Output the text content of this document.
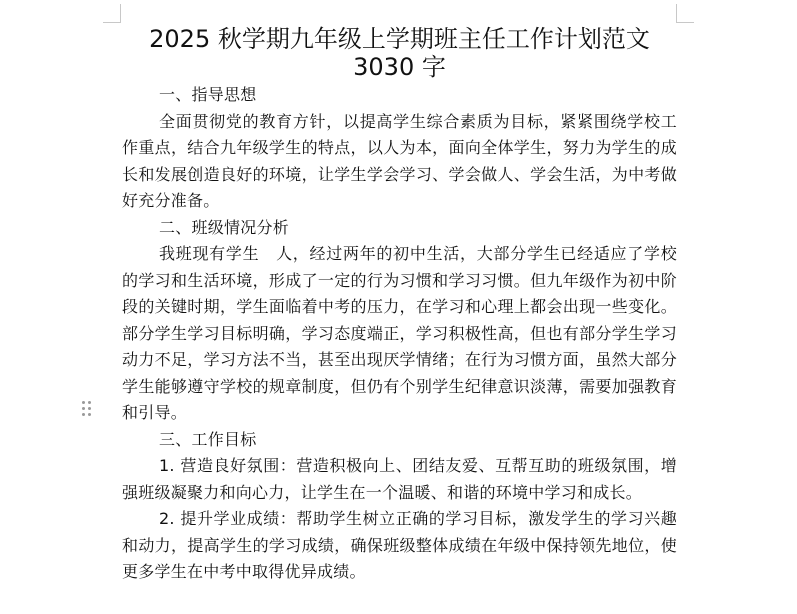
2025 秋学期九年级上学期班主任工作计划范文
3030 字

一、指导思想

全面贯彻党的教育方针，以提高学生综合素质为目标，紧紧围绕学校工作重点，结合九年级学生的特点，以人为本，面向全体学生，努力为学生的成长和发展创造良好的环境，让学生学会学习、学会做人、学会生活，为中考做好充分准备。

二、班级情况分析

我班现有学生　人，经过两年的初中生活，大部分学生已经适应了学校的学习和生活环境，形成了一定的行为习惯和学习习惯。但九年级作为初中阶段的关键时期，学生面临着中考的压力，在学习和心理上都会出现一些变化。部分学生学习目标明确，学习态度端正，学习积极性高，但也有部分学生学习动力不足，学习方法不当，甚至出现厌学情绪；在行为习惯方面，虽然大部分学生能够遵守学校的规章制度，但仍有个别学生纪律意识淡薄，需要加强教育和引导。

三、工作目标

1. 营造良好氛围：营造积极向上、团结友爱、互帮互助的班级氛围，增强班级凝聚力和向心力，让学生在一个温暖、和谐的环境中学习和成长。

2. 提升学业成绩：帮助学生树立正确的学习目标，激发学生的学习兴趣和动力，提高学生的学习成绩，确保班级整体成绩在年级中保持领先地位，使更多学生在中考中取得优异成绩。
